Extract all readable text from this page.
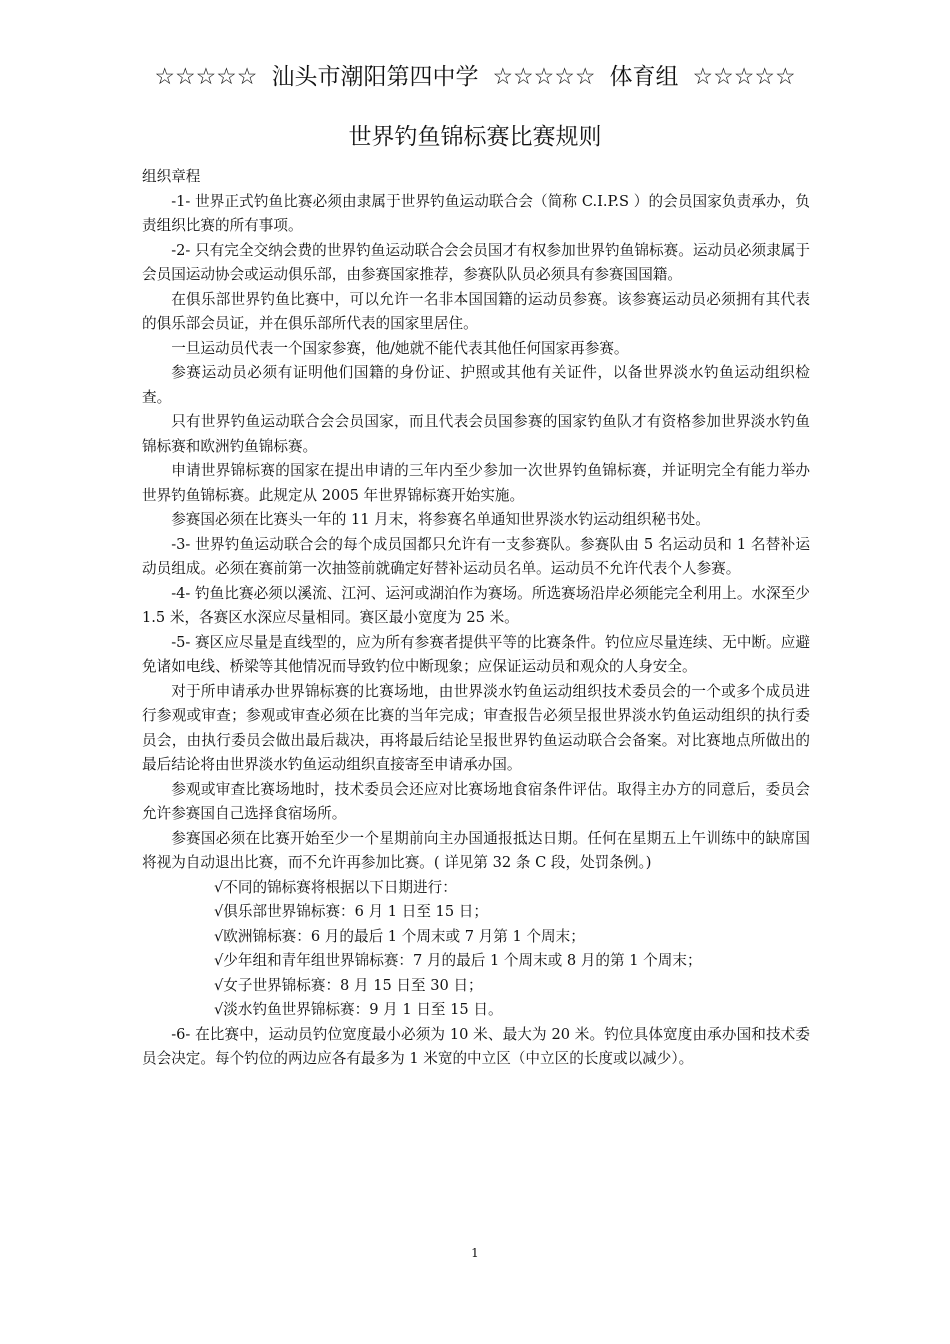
☆☆☆☆☆ 汕头市潮阳第四中学 ☆☆☆☆☆ 体育组 ☆☆☆☆☆
世界钓鱼锦标赛比赛规则

组织章程

-1- 世界正式钓鱼比赛必须由隶属于世界钓鱼运动联合会（简称 C.I.P.S ）的会员国家负责承办，负责组织比赛的所有事项。

-2- 只有完全交纳会费的世界钓鱼运动联合会会员国才有权参加世界钓鱼锦标赛。运动员必须隶属于会员国运动协会或运动俱乐部，由参赛国家推荐，参赛队队员必须具有参赛国国籍。

在俱乐部世界钓鱼比赛中，可以允许一名非本国国籍的运动员参赛。该参赛运动员必须拥有其代表的俱乐部会员证，并在俱乐部所代表的国家里居住。

一旦运动员代表一个国家参赛，他/她就不能代表其他任何国家再参赛。

参赛运动员必须有证明他们国籍的身份证、护照或其他有关证件，以备世界淡水钓鱼运动组织检查。

只有世界钓鱼运动联合会会员国家，而且代表会员国参赛的国家钓鱼队才有资格参加世界淡水钓鱼锦标赛和欧洲钓鱼锦标赛。

申请世界锦标赛的国家在提出申请的三年内至少参加一次世界钓鱼锦标赛，并证明完全有能力举办世界钓鱼锦标赛。此规定从 2005 年世界锦标赛开始实施。

参赛国必须在比赛头一年的 11 月末，将参赛名单通知世界淡水钓运动组织秘书处。

-3- 世界钓鱼运动联合会的每个成员国都只允许有一支参赛队。参赛队由 5 名运动员和 1 名替补运动员组成。必须在赛前第一次抽签前就确定好替补运动员名单。运动员不允许代表个人参赛。

-4- 钓鱼比赛必须以溪流、江河、运河或湖泊作为赛场。所选赛场沿岸必须能完全利用上。水深至少 1.5 米，各赛区水深应尽量相同。赛区最小宽度为 25 米。

-5- 赛区应尽量是直线型的，应为所有参赛者提供平等的比赛条件。钓位应尽量连续、无中断。应避免诸如电线、桥梁等其他情况而导致钓位中断现象；应保证运动员和观众的人身安全。

对于所申请承办世界锦标赛的比赛场地，由世界淡水钓鱼运动组织技术委员会的一个或多个成员进行参观或审查；参观或审查必须在比赛的当年完成；审查报告必须呈报世界淡水钓鱼运动组织的执行委员会，由执行委员会做出最后裁决，再将最后结论呈报世界钓鱼运动联合会备案。对比赛地点所做出的最后结论将由世界淡水钓鱼运动组织直接寄至申请承办国。

参观或审查比赛场地时，技术委员会还应对比赛场地食宿条件评估。取得主办方的同意后，委员会允许参赛国自己选择食宿场所。

参赛国必须在比赛开始至少一个星期前向主办国通报抵达日期。任何在星期五上午训练中的缺席国将视为自动退出比赛，而不允许再参加比赛。( 详见第 32 条 C 段，处罚条例。)

√不同的锦标赛将根据以下日期进行：

√俱乐部世界锦标赛：6 月 1 日至 15 日；

√欧洲锦标赛：6 月的最后 1 个周末或 7 月第 1 个周末；

√少年组和青年组世界锦标赛：7 月的最后 1 个周末或 8 月的第 1 个周末；

√女子世界锦标赛：8 月 15 日至 30 日；

√淡水钓鱼世界锦标赛：9 月 1 日至 15 日。

-6- 在比赛中，运动员钓位宽度最小必须为 10 米、最大为 20 米。钓位具体宽度由承办国和技术委员会决定。每个钓位的两边应各有最多为 1 米宽的中立区（中立区的长度或以减少）。

1
